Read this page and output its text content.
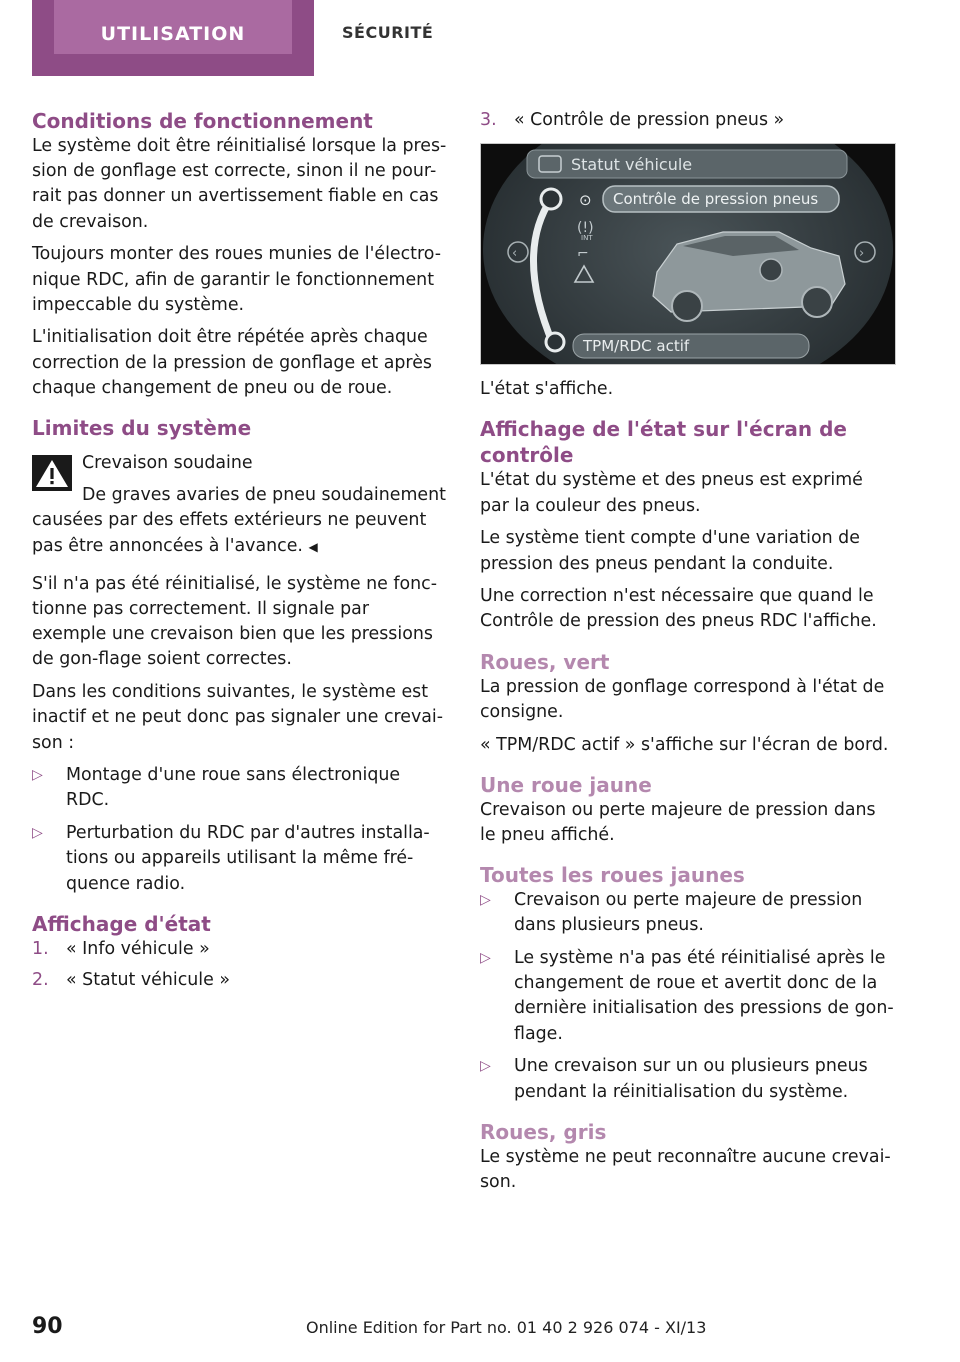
UTILISATION	SÉCURITÉ
Conditions de fonctionnement

Le système doit être réinitialisé lorsque la pres-sion de gonflage est correcte, sinon il ne pour-rait pas donner un avertissement fiable en cas de crevaison.

Toujours monter des roues munies de l'électro-nique RDC, afin de garantir le fonctionnement impeccable du système.

L'initialisation doit être répétée après chaque correction de la pression de gonflage et après chaque changement de pneu ou de roue.

Limites du système

Crevaison soudaine

De graves avaries de pneu soudainement causées par des effets extérieurs ne peuvent pas être annoncées à l'avance. ◀

S'il n'a pas été réinitialisé, le système ne fonc-tionne pas correctement. Il signale par exemple une crevaison bien que les pressions de gon-flage soient correctes.

Dans les conditions suivantes, le système est inactif et ne peut donc pas signaler une crevai-son :

▷ Montage d'une roue sans électronique RDC.
▷ Perturbation du RDC par d'autres installa-tions ou appareils utilisant la même fré-quence radio.
Affichage d'état
1. « Info véhicule »
2. « Statut véhicule »
3. « Contrôle de pression pneus »
Statut véhicule
⊙ Contrôle de pression pneus
(!)
INT
⌐
‹	›
TPM/RDC actif

L'état s'affiche.

Affichage de l'état sur l'écran de contrôle

L'état du système et des pneus est exprimé par la couleur des pneus.

Le système tient compte d'une variation de pression des pneus pendant la conduite.

Une correction n'est nécessaire que quand le Contrôle de pression des pneus RDC l'affiche.

Roues, vert

La pression de gonflage correspond à l'état de consigne.

« TPM/RDC actif » s'affiche sur l'écran de bord.

Une roue jaune

Crevaison ou perte majeure de pression dans le pneu affiché.

Toutes les roues jaunes
▷ Crevaison ou perte majeure de pression dans plusieurs pneus.
▷ Le système n'a pas été réinitialisé après le changement de roue et avertit donc de la dernière initialisation des pressions de gon-flage.
▷ Une crevaison sur un ou plusieurs pneus pendant la réinitialisation du système.
Roues, gris

Le système ne peut reconnaître aucune crevai-son.

90	Online Edition for Part no. 01 40 2 926 074 - XI/13
